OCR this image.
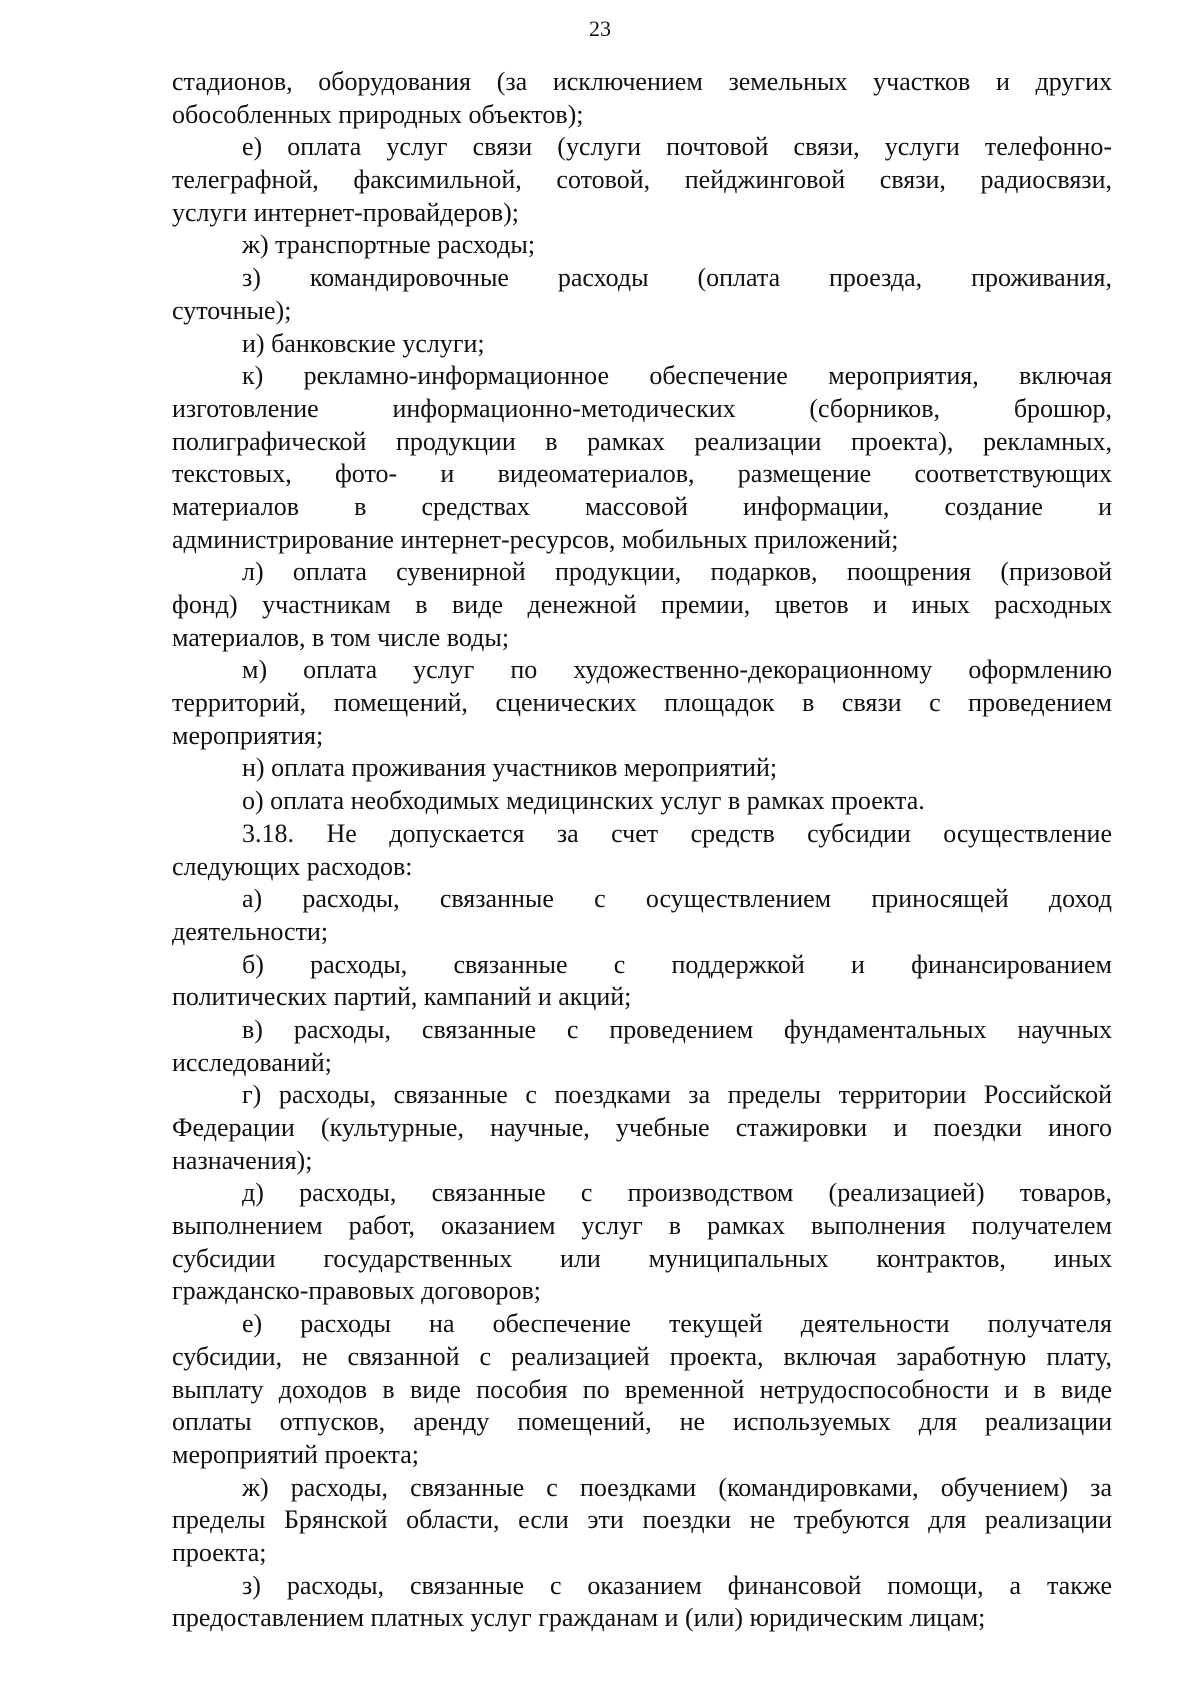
23
стадионов, оборудования (за исключением земельных участков и других
обособленных природных объектов);
е) оплата услуг связи (услуги почтовой связи, услуги телефонно-
телеграфной, факсимильной, сотовой, пейджинговой связи, радиосвязи,
услуги интернет-провайдеров);
ж) транспортные расходы;
з) командировочные расходы (оплата проезда, проживания,
суточные);
и) банковские услуги;
к) рекламно-информационное обеспечение мероприятия, включая
изготовление информационно-методических (сборников, брошюр,
полиграфической продукции в рамках реализации проекта), рекламных,
текстовых, фото- и видеоматериалов, размещение соответствующих
материалов в средствах массовой информации, создание и
администрирование интернет-ресурсов, мобильных приложений;
л) оплата сувенирной продукции, подарков, поощрения (призовой
фонд) участникам в виде денежной премии, цветов и иных расходных
материалов, в том числе воды;
м) оплата услуг по художественно-декорационному оформлению
территорий, помещений, сценических площадок в связи с проведением
мероприятия;
н) оплата проживания участников мероприятий;
о) оплата необходимых медицинских услуг в рамках проекта.
3.18. Не допускается за счет средств субсидии осуществление
следующих расходов:
а) расходы, связанные с осуществлением приносящей доход
деятельности;
б) расходы, связанные с поддержкой и финансированием
политических партий, кампаний и акций;
в) расходы, связанные с проведением фундаментальных научных
исследований;
г) расходы, связанные с поездками за пределы территории Российской
Федерации (культурные, научные, учебные стажировки и поездки иного
назначения);
д) расходы, связанные с производством (реализацией) товаров,
выполнением работ, оказанием услуг в рамках выполнения получателем
субсидии государственных или муниципальных контрактов, иных
гражданско-правовых договоров;
е) расходы на обеспечение текущей деятельности получателя
субсидии, не связанной с реализацией проекта, включая заработную плату,
выплату доходов в виде пособия по временной нетрудоспособности и в виде
оплаты отпусков, аренду помещений, не используемых для реализации
мероприятий проекта;
ж) расходы, связанные с поездками (командировками, обучением) за
пределы Брянской области, если эти поездки не требуются для реализации
проекта;
з) расходы, связанные с оказанием финансовой помощи, а также
предоставлением платных услуг гражданам и (или) юридическим лицам;
